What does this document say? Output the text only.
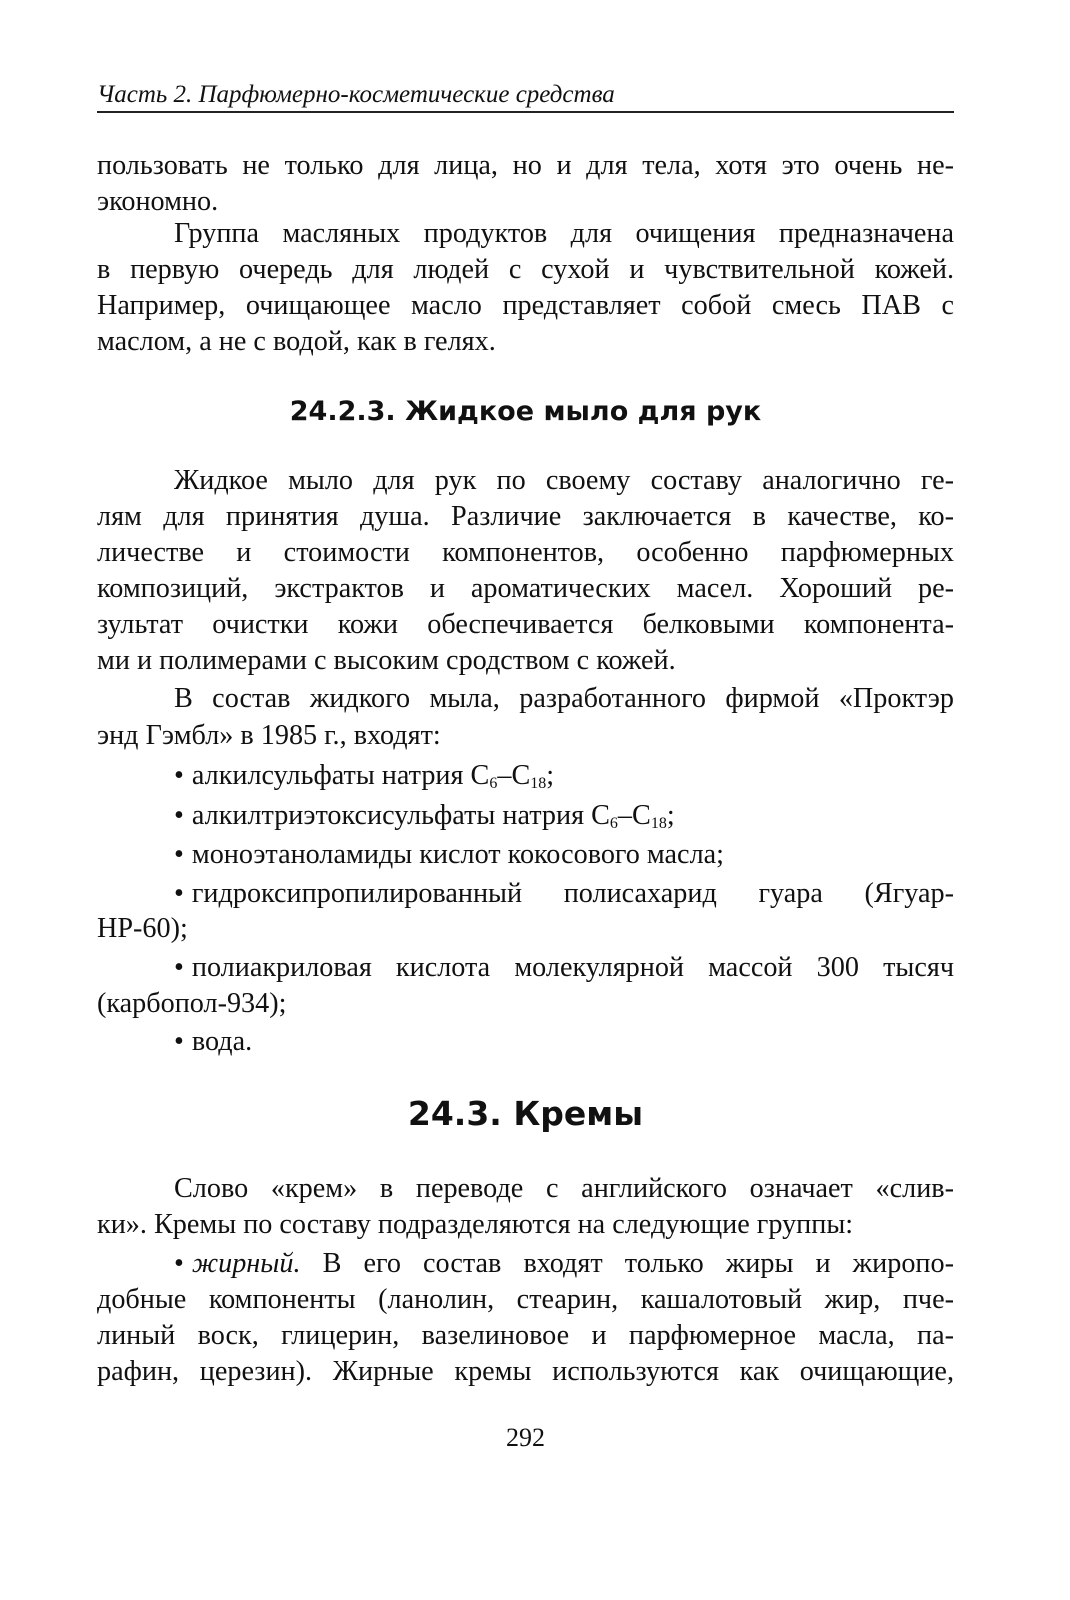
Часть 2. Парфюмерно-косметические средства
пользовать не только для лица, но и для тела, хотя это очень не-
экономно.
Группа масляных продуктов для очищения предназначена
в первую очередь для людей с сухой и чувствительной кожей.
Например, очищающее масло представляет собой смесь ПАВ с
маслом, а не с водой, как в гелях.
24.2.3. Жидкое мыло для рук
Жидкое мыло для рук по своему составу аналогично ге-
лям для принятия душа. Различие заключается в качестве, ко-
личестве и стоимости компонентов, особенно парфюмерных
композиций, экстрактов и ароматических масел. Хороший ре-
зультат очистки кожи обеспечивается белковыми компонента-
ми и полимерами с высоким сродством с кожей.
В состав жидкого мыла, разработанного фирмой «Проктэр
энд Гэмбл» в 1985 г., входят:
• алкилсульфаты натрия $C_6-C_{18}$;
• алкилтриэтоксисульфаты натрия $C_6-C_{18}$;
• моноэтаноламиды кислот кокосового масла;
• гидроксипропилированный полисахарид гуара (Ягуар-
HP-60);
• полиакриловая кислота молекулярной массой 300 тысяч
(карбопол-934);
• вода.
24.3. Кремы
Слово «крем» в переводе с английского означает «слив-
ки». Кремы по составу подразделяются на следующие группы:
• жирный. В его состав входят только жиры и жиропо-
добные компоненты (ланолин, стеарин, кашалотовый жир, пче-
линый воск, глицерин, вазелиновое и парфюмерное масла, па-
рафин, церезин). Жирные кремы используются как очищающие,
292
